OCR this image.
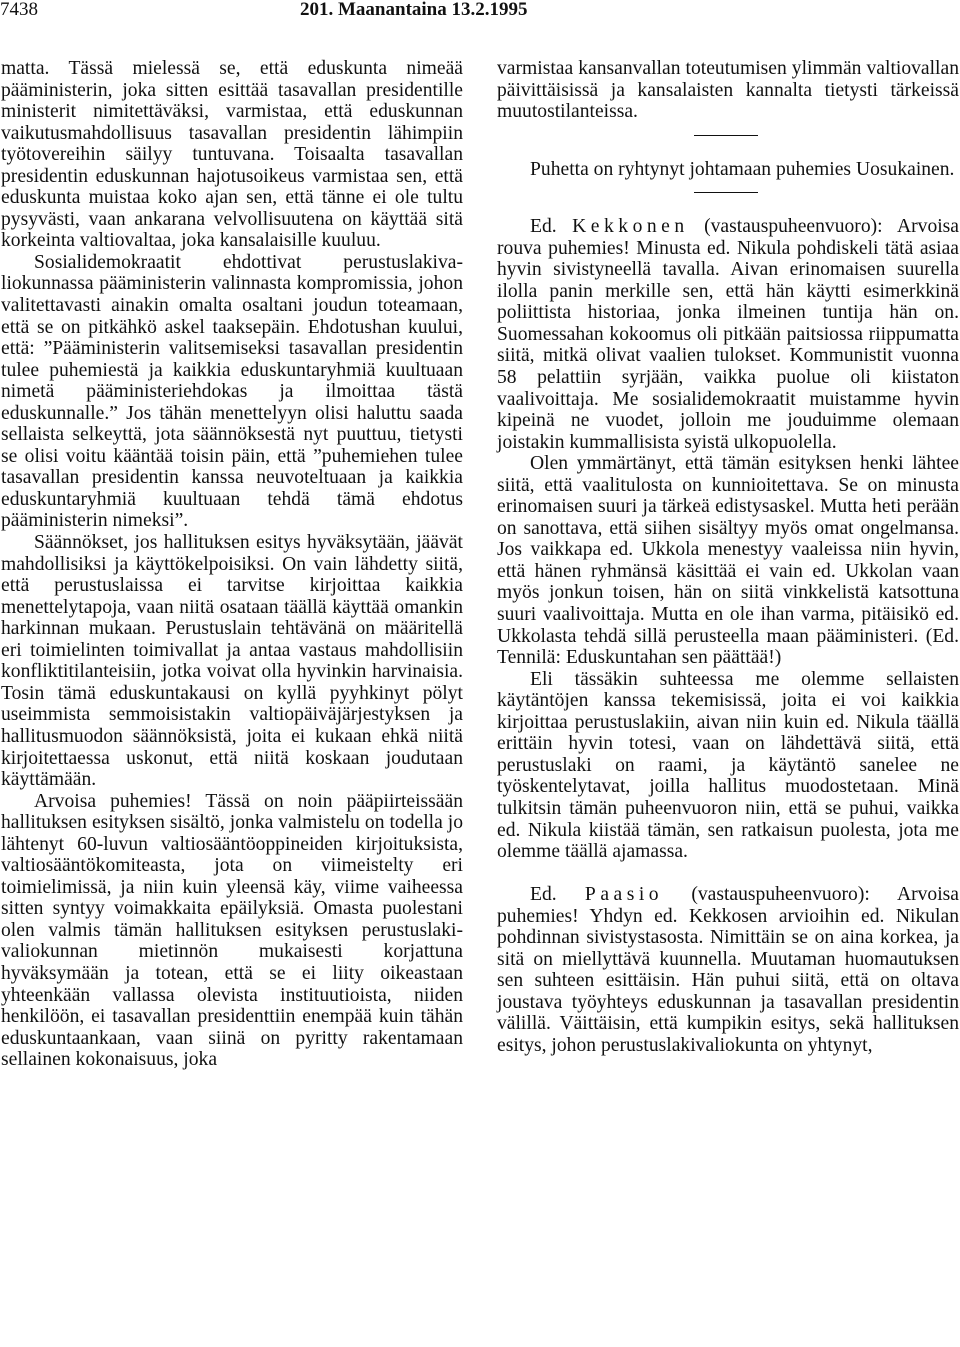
7438	201. Maanantaina 13.2.1995

matta. Tässä mielessä se, että eduskunta nimeää pääministerin, joka sitten esittää tasavallan presidentille ministerit nimitettäväksi, varmistaa, että eduskunnan vaikutusmahdollisuus tasavallan presidentin lähimpiin työtovereihin säilyy tuntuvana. Toisaalta tasavallan presidentin eduskunnan hajotusoikeus varmistaa sen, että eduskunta muistaa koko ajan sen, että tänne ei ole tultu pysyvästi, vaan ankarana velvollisuutena on käyttää sitä korkeinta valtiovaltaa, joka kansalaisille kuuluu.

Sosialidemokraatit ehdottivat perustuslakivaliokunnassa pääministerin valinnasta kompromissia, johon valitettavasti ainakin omalta osaltani joudun toteamaan, että se on pitkähkö askel taaksepäin. Ehdotushan kuului, että: ”Pääministerin valitsemiseksi tasavallan presidentin tulee puhemiestä ja kaikkia eduskuntaryhmiä kuultuaan nimetä pääministeriehdokas ja ilmoittaa tästä eduskunnalle.” Jos tähän menettelyyn olisi haluttu saada sellaista selkeyttä, jota säännöksestä nyt puuttuu, tietysti se olisi voitu kääntää toisin päin, että ”puhemiehen tulee tasavallan presidentin kanssa neuvoteltuaan ja kaikkia eduskuntaryhmiä kuultuaan tehdä tämä ehdotus pääministerin nimeksi”.

Säännökset, jos hallituksen esitys hyväksytään, jäävät mahdollisiksi ja käyttökelpoisiksi. On vain lähdetty siitä, että perustuslaissa ei tarvitse kirjoittaa kaikkia menettelytapoja, vaan niitä osataan täällä käyttää omankin harkinnan mukaan. Perustuslain tehtävänä on määritellä eri toimielinten toimivallat ja antaa vastaus mahdollisiin konfliktitilanteisiin, jotka voivat olla hyvinkin harvinaisia. Tosin tämä eduskuntakausi on kyllä pyyhkinyt pölyt useimmista semmoisistakin valtiopäiväjärjestyksen ja hallitusmuodon säännöksistä, joita ei kukaan ehkä niitä kirjoitettaessa uskonut, että niitä koskaan joudutaan käyttämään.

Arvoisa puhemies! Tässä on noin pääpiirteissään hallituksen esityksen sisältö, jonka valmistelu on todella jo lähtenyt 60-luvun valtiosääntöoppineiden kirjoituksista, valtiosääntökomiteasta, jota on viimeistelty eri toimielimissä, ja niin kuin yleensä käy, viime vaiheessa sitten syntyy voimakkaita epäilyksiä. Omasta puolestani olen valmis tämän hallituksen esityksen perustuslakivaliokunnan mietinnön mukaisesti korjattuna hyväksymään ja totean, että se ei liity oikeastaan yhteenkään vallassa olevista instituutioista, niiden henkilöön, ei tasavallan presidenttiin enempää kuin tähän eduskuntaankaan, vaan siinä on pyritty rakentamaan sellainen kokonaisuus, joka

varmistaa kansanvallan toteutumisen ylimmän valtiovallan päivittäisissä ja kansalaisten kannalta tietysti tärkeissä muutostilanteissa.

Puhetta on ryhtynyt johtamaan puhemies Uosukainen.

Ed. Kekkonen (vastauspuheenvuoro): Arvoisa rouva puhemies! Minusta ed. Nikula pohdiskeli tätä asiaa hyvin sivistyneellä tavalla. Aivan erinomaisen suurella ilolla panin merkille sen, että hän käytti esimerkkinä poliittista historiaa, jonka ilmeinen tuntija hän on. Suomessahan kokoomus oli pitkään paitsiossa riippumatta siitä, mitkä olivat vaalien tulokset. Kommunistit vuonna 58 pelattiin syrjään, vaikka puolue oli kiistaton vaalivoittaja. Me sosialidemokraatit muistamme hyvin kipeinä ne vuodet, jolloin me jouduimme olemaan joistakin kummallisista syistä ulkopuolella.

Olen ymmärtänyt, että tämän esityksen henki lähtee siitä, että vaalitulosta on kunnioitettava. Se on minusta erinomaisen suuri ja tärkeä edistysaskel. Mutta heti perään on sanottava, että siihen sisältyy myös omat ongelmansa. Jos vaikkapa ed. Ukkola menestyy vaaleissa niin hyvin, että hänen ryhmänsä käsittää ei vain ed. Ukkolan vaan myös jonkun toisen, hän on siitä vinkkelistä katsottuna suuri vaalivoittaja. Mutta en ole ihan varma, pitäisikö ed. Ukkolasta tehdä sillä perusteella maan pääministeri. (Ed. Tennilä: Eduskuntahan sen päättää!)

Eli tässäkin suhteessa me olemme sellaisten käytäntöjen kanssa tekemisissä, joita ei voi kaikkia kirjoittaa perustuslakiin, aivan niin kuin ed. Nikula täällä erittäin hyvin totesi, vaan on lähdettävä siitä, että perustuslaki on raami, ja käytäntö sanelee ne työskentelytavat, joilla hallitus muodostetaan. Minä tulkitsin tämän puheenvuoron niin, että se puhui, vaikka ed. Nikula kiistää tämän, sen ratkaisun puolesta, jota me olemme täällä ajamassa.

Ed. Paasio (vastauspuheenvuoro): Arvoisa puhemies! Yhdyn ed. Kekkosen arvioihin ed. Nikulan pohdinnan sivistystasosta. Nimittäin se on aina korkea, ja sitä on miellyttävä kuunnella. Muutaman huomautuksen sen suhteen esittäisin. Hän puhui siitä, että on oltava joustava työyhteys eduskunnan ja tasavallan presidentin välillä. Väittäisin, että kumpikin esitys, sekä hallituksen esitys, johon perustuslakivaliokunta on yhtynyt,
